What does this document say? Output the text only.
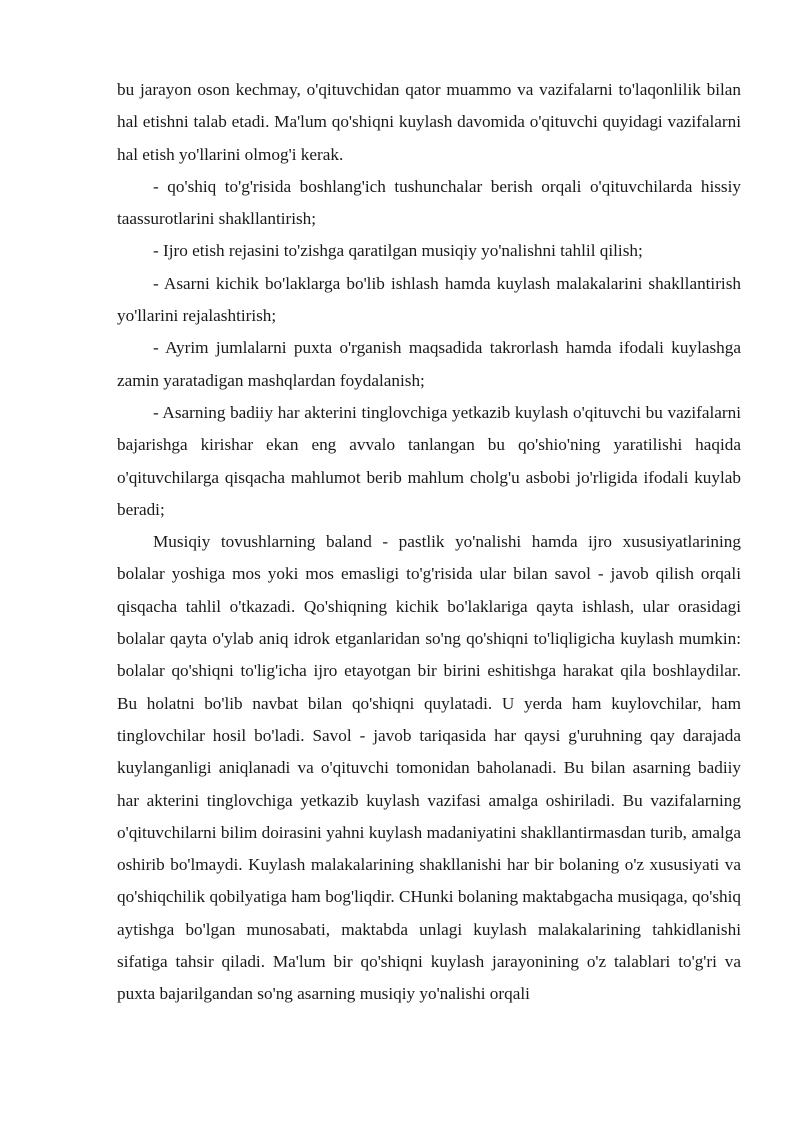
bu jarayon oson kechmay, o'qituvchidan qator muammo va vazifalarni to'laqonlilik bilan hal etishni talab etadi. Ma'lum qo'shiqni kuylash davomida o'qituvchi quyidagi vazifalarni hal etish yo'llarini olmog'i kerak.

- qo'shiq to'g'risida boshlang'ich tushunchalar berish orqali o'qituvchilarda hissiy taassurotlarini shakllantirish;

- Ijro etish rejasini to'zishga qaratilgan musiqiy yo'nalishni tahlil qilish;

- Asarni kichik bo'laklarga bo'lib ishlash hamda kuylash malakalarini shakllantirish yo'llarini rejalashtirish;

- Ayrim jumlalarni puxta o'rganish maqsadida takrorlash hamda ifodali kuylashga zamin yaratadigan mashqlardan foydalanish;

- Asarning badiiy har akterini tinglovchiga yetkazib kuylash o'qituvchi bu vazifalarni bajarishga kirishar ekan eng avvalo tanlangan bu qo'shio'ning yaratilishi haqida o'qituvchilarga qisqacha mahlumot berib mahlum cholg'u asbobi jo'rligida ifodali kuylab beradi;

Musiqiy tovushlarning baland - pastlik yo'nalishi hamda ijro xususiyatlarining bolalar yoshiga mos yoki mos emasligi to'g'risida ular bilan savol - javob qilish orqali qisqacha tahlil o'tkazadi. Qo'shiqning kichik bo'laklariga qayta ishlash, ular orasidagi bolalar qayta o'ylab aniq idrok etganlaridan so'ng qo'shiqni to'liqligicha kuylash mumkin: bolalar qo'shiqni to'lig'icha ijro etayotgan bir birini eshitishga harakat qila boshlaydilar. Bu holatni bo'lib navbat bilan qo'shiqni quylatadi. U yerda ham kuylovchilar, ham tinglovchilar hosil bo'ladi. Savol - javob tariqasida har qaysi g'uruhning qay darajada kuylanganligi aniqlanadi va o'qituvchi tomonidan baholanadi. Bu bilan asarning badiiy har akterini tinglovchiga yetkazib kuylash vazifasi amalga oshiriladi. Bu vazifalarning o'qituvchilarni bilim doirasini yahni kuylash madaniyatini shakllantirmasdan turib, amalga oshirib bo'lmaydi. Kuylash malakalarining shakllanishi har bir bolaning o'z xususiyati va qo'shiqchilik qobilyatiga ham bog'liqdir. CHunki bolaning maktabgacha musiqaga, qo'shiq aytishga bo'lgan munosabati, maktabda unlagi kuylash malakalarining tahkidlanishi sifatiga tahsir qiladi. Ma'lum bir qo'shiqni kuylash jarayonining o'z talablari to'g'ri va puxta bajarilgandan so'ng asarning musiqiy yo'nalishi orqali
